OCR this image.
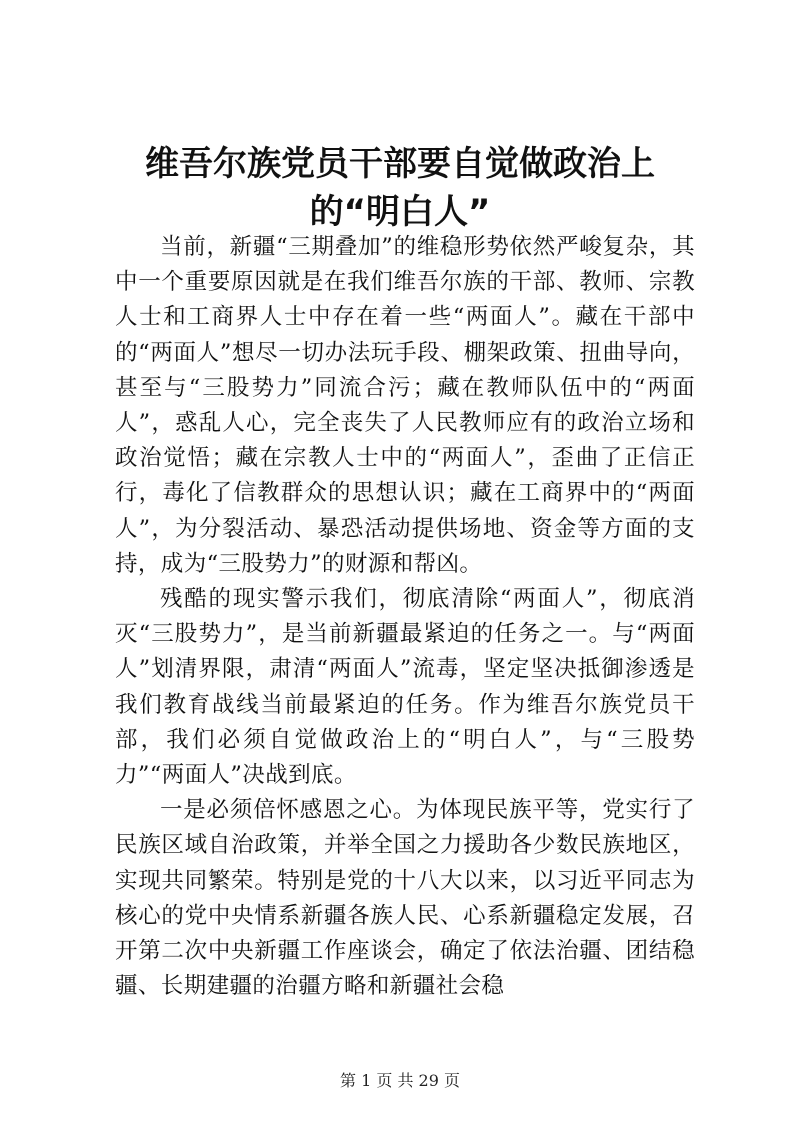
维吾尔族党员干部要自觉做政治上的“明白人”

当前，新疆“三期叠加”的维稳形势依然严峻复杂，其中一个重要原因就是在我们维吾尔族的干部、教师、宗教人士和工商界人士中存在着一些“两面人”。藏在干部中的“两面人”想尽一切办法玩手段、棚架政策、扭曲导向，甚至与“三股势力”同流合污；藏在教师队伍中的“两面人”，惑乱人心，完全丧失了人民教师应有的政治立场和政治觉悟；藏在宗教人士中的“两面人”，歪曲了正信正行，毒化了信教群众的思想认识；藏在工商界中的“两面人”，为分裂活动、暴恐活动提供场地、资金等方面的支持，成为“三股势力”的财源和帮凶。

残酷的现实警示我们，彻底清除“两面人”，彻底消灭“三股势力”，是当前新疆最紧迫的任务之一。与“两面人”划清界限，肃清“两面人”流毒，坚定坚决抵御渗透是我们教育战线当前最紧迫的任务。作为维吾尔族党员干部，我们必须自觉做政治上的“明白人”，与“三股势力”“两面人”决战到底。

一是必须倍怀感恩之心。为体现民族平等，党实行了民族区域自治政策，并举全国之力援助各少数民族地区，实现共同繁荣。特别是党的十八大以来，以习近平同志为核心的党中央情系新疆各族人民、心系新疆稳定发展，召开第二次中央新疆工作座谈会，确定了依法治疆、团结稳疆、长期建疆的治疆方略和新疆社会稳

第 1 页 共 29 页
